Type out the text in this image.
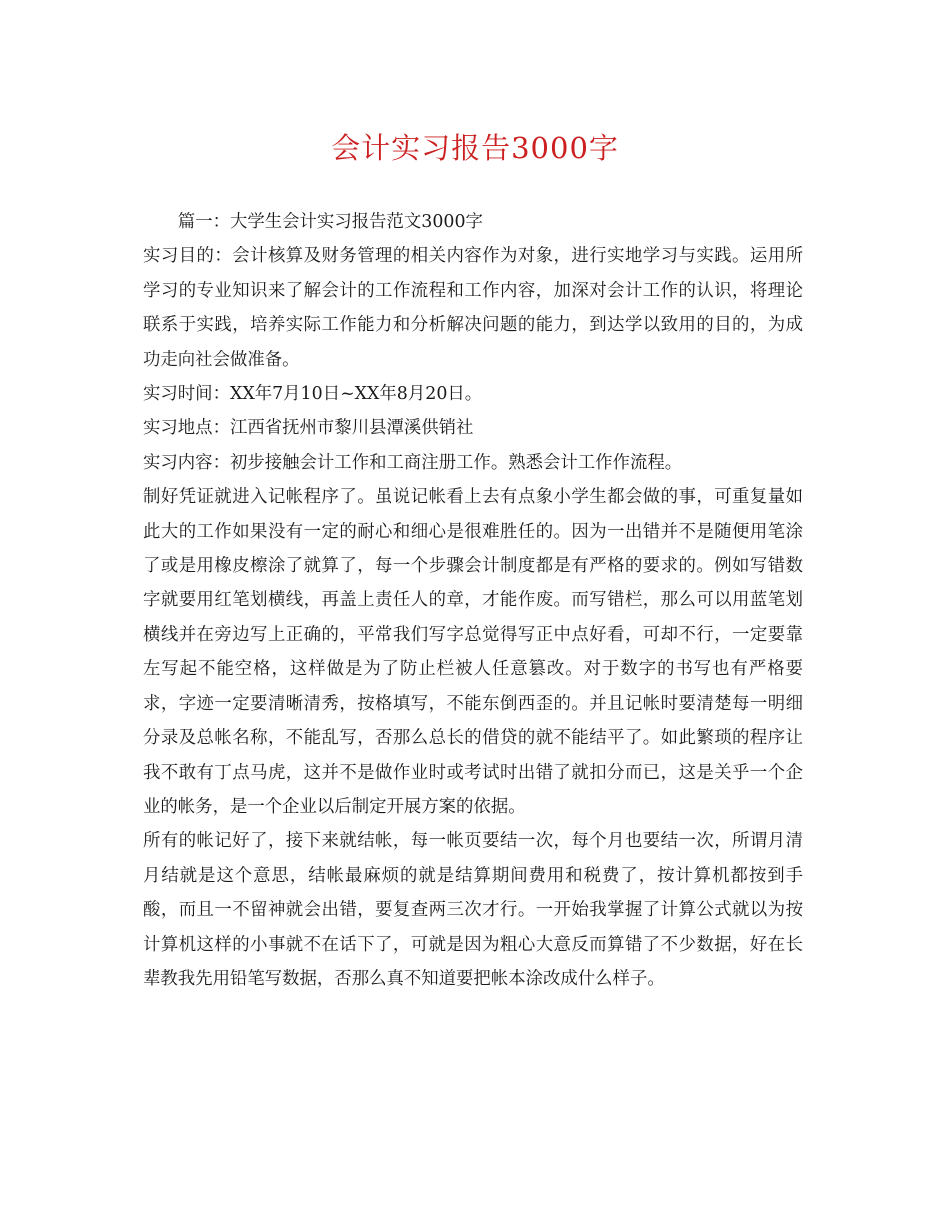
会计实习报告3000字

篇一：大学生会计实习报告范文3000字

实习目的：会计核算及财务管理的相关内容作为对象，进行实地学习与实践。运用所学习的专业知识来了解会计的工作流程和工作内容，加深对会计工作的认识，将理论联系于实践，培养实际工作能力和分析解决问题的能力，到达学以致用的目的，为成功走向社会做准备。

实习时间：XX年7月10日~XX年8月20日。

实习地点：江西省抚州市黎川县潭溪供销社

实习内容：初步接触会计工作和工商注册工作。熟悉会计工作作流程。

制好凭证就进入记帐程序了。虽说记帐看上去有点象小学生都会做的事，可重复量如此大的工作如果没有一定的耐心和细心是很难胜任的。因为一出错并不是随便用笔涂了或是用橡皮檫涂了就算了，每一个步骤会计制度都是有严格的要求的。例如写错数字就要用红笔划横线，再盖上责任人的章，才能作废。而写错栏，那么可以用蓝笔划横线并在旁边写上正确的，平常我们写字总觉得写正中点好看，可却不行，一定要靠左写起不能空格，这样做是为了防止栏被人任意篡改。对于数字的书写也有严格要求，字迹一定要清晰清秀，按格填写，不能东倒西歪的。并且记帐时要清楚每一明细分录及总帐名称，不能乱写，否那么总长的借贷的就不能结平了。如此繁琐的程序让我不敢有丁点马虎，这并不是做作业时或考试时出错了就扣分而已，这是关乎一个企业的帐务，是一个企业以后制定开展方案的依据。

所有的帐记好了，接下来就结帐，每一帐页要结一次，每个月也要结一次，所谓月清月结就是这个意思，结帐最麻烦的就是结算期间费用和税费了，按计算机都按到手酸，而且一不留神就会出错，要复查两三次才行。一开始我掌握了计算公式就以为按计算机这样的小事就不在话下了，可就是因为粗心大意反而算错了不少数据，好在长辈教我先用铅笔写数据，否那么真不知道要把帐本涂改成什么样子。
